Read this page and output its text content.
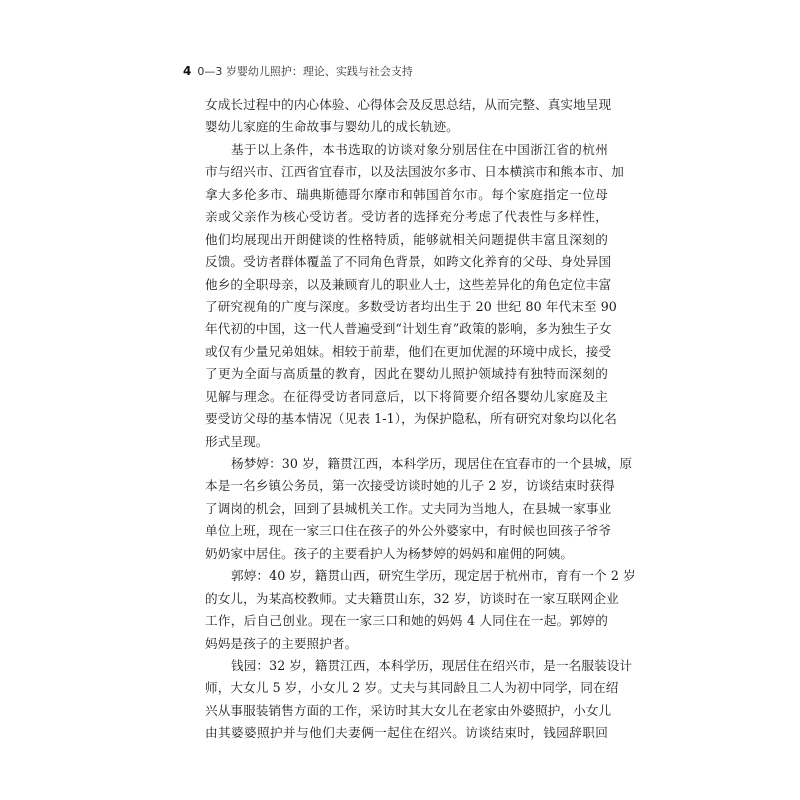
4 0—3 岁婴幼儿照护：理论、实践与社会支持
女成长过程中的内心体验、心得体会及反思总结，从而完整、真实地呈现
婴幼儿家庭的生命故事与婴幼儿的成长轨迹。
基于以上条件，本书选取的访谈对象分别居住在中国浙江省的杭州
市与绍兴市、江西省宜春市，以及法国波尔多市、日本横滨市和熊本市、加
拿大多伦多市、瑞典斯德哥尔摩市和韩国首尔市。每个家庭指定一位母
亲或父亲作为核心受访者。受访者的选择充分考虑了代表性与多样性，
他们均展现出开朗健谈的性格特质，能够就相关问题提供丰富且深刻的
反馈。受访者群体覆盖了不同角色背景，如跨文化养育的父母、身处异国
他乡的全职母亲，以及兼顾育儿的职业人士，这些差异化的角色定位丰富
了研究视角的广度与深度。多数受访者均出生于 20 世纪 80 年代末至 90
年代初的中国，这一代人普遍受到“计划生育”政策的影响，多为独生子女
或仅有少量兄弟姐妹。相较于前辈，他们在更加优渥的环境中成长，接受
了更为全面与高质量的教育，因此在婴幼儿照护领域持有独特而深刻的
见解与理念。在征得受访者同意后，以下将简要介绍各婴幼儿家庭及主
要受访父母的基本情况（见表 1-1），为保护隐私，所有研究对象均以化名
形式呈现。
杨梦婷：30 岁，籍贯江西，本科学历，现居住在宜春市的一个县城，原
本是一名乡镇公务员，第一次接受访谈时她的儿子 2 岁，访谈结束时获得
了调岗的机会，回到了县城机关工作。丈夫同为当地人，在县城一家事业
单位上班，现在一家三口住在孩子的外公外婆家中，有时候也回孩子爷爷
奶奶家中居住。孩子的主要看护人为杨梦婷的妈妈和雇佣的阿姨。
郭婷：40 岁，籍贯山西，研究生学历，现定居于杭州市，育有一个 2 岁
的女儿，为某高校教师。丈夫籍贯山东，32 岁，访谈时在一家互联网企业
工作，后自己创业。现在一家三口和她的妈妈 4 人同住在一起。郭婷的
妈妈是孩子的主要照护者。
钱园：32 岁，籍贯江西，本科学历，现居住在绍兴市，是一名服装设计
师，大女儿 5 岁，小女儿 2 岁。丈夫与其同龄且二人为初中同学，同在绍
兴从事服装销售方面的工作，采访时其大女儿在老家由外婆照护，小女儿
由其婆婆照护并与他们夫妻俩一起住在绍兴。访谈结束时，钱园辞职回
